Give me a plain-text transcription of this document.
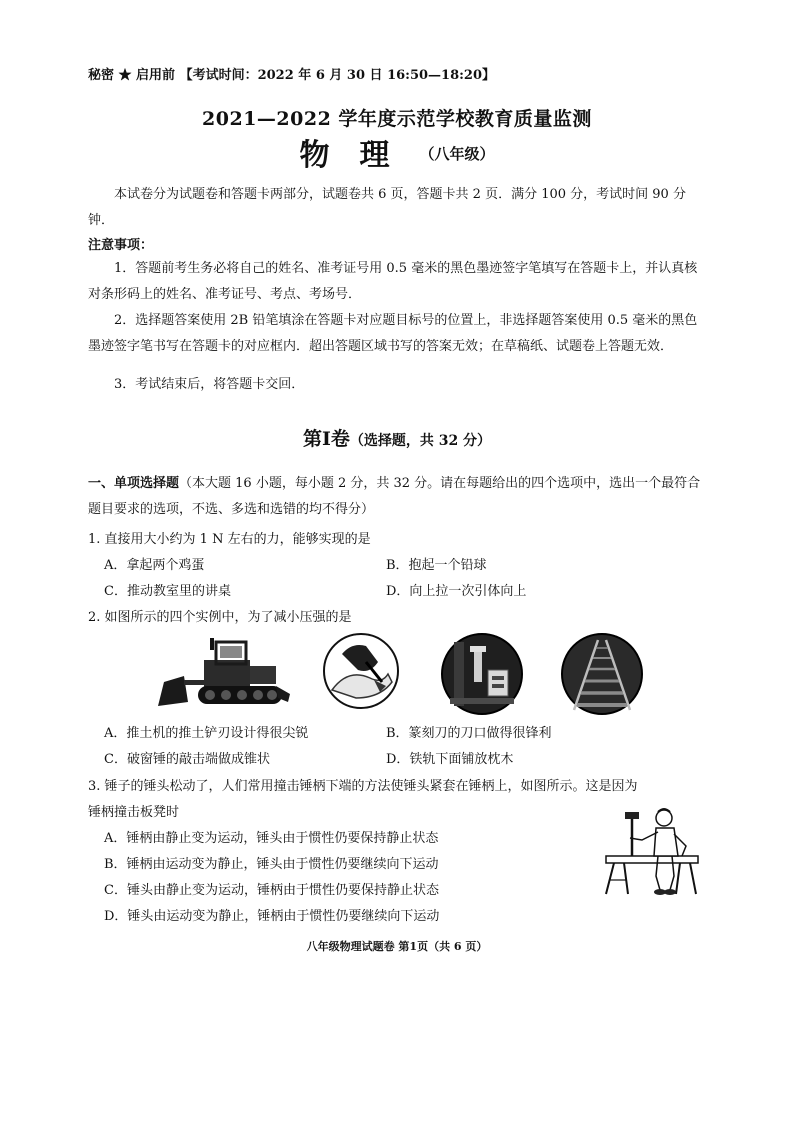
秘密 ★ 启用前 【考试时间：2022 年 6 月 30 日 16:50—18:20】
2021—2022 学年度示范学校教育质量监测
物理（八年级）
本试卷分为试题卷和答题卡两部分，试题卷共 6 页，答题卡共 2 页．满分 100 分，考试时间 90 分钟．
注意事项：
1．答题前考生务必将自己的姓名、准考证号用 0.5 毫米的黑色墨迹签字笔填写在答题卡上，并认真核对条形码上的姓名、准考证号、考点、考场号．
2．选择题答案使用 2B 铅笔填涂在答题卡对应题目标号的位置上，非选择题答案使用 0.5 毫米的黑色墨迹签字笔书写在答题卡的对应框内．超出答题区域书写的答案无效；在草稿纸、试题卷上答题无效．
3．考试结束后，将答题卡交回．
第Ⅰ卷（选择题，共 32 分）
一、单项选择题（本大题 16 小题，每小题 2 分，共 32 分。请在每题给出的四个选项中，选出一个最符合题目要求的选项，不选、多选和选错的均不得分）
1. 直接用大小约为 1 N 左右的力，能够实现的是
A．拿起两个鸡蛋	B．抱起一个铅球
C．推动教室里的讲桌	D．向上拉一次引体向上
2. 如图所示的四个实例中，为了减小压强的是
A．推土机的推土铲刃设计得很尖锐	B．篆刻刀的刀口做得很锋利
C．破窗锤的敲击端做成锥状	D．铁轨下面铺放枕木
3. 锤子的锤头松动了，人们常用撞击锤柄下端的方法使锤头紧套在锤柄上，如图所示。这是因为
锤柄撞击板凳时
A．锤柄由静止变为运动，锤头由于惯性仍要保持静止状态
B．锤柄由运动变为静止，锤头由于惯性仍要继续向下运动
C．锤头由静止变为运动，锤柄由于惯性仍要保持静止状态
D．锤头由运动变为静止，锤柄由于惯性仍要继续向下运动
八年级物理试题卷 第1页（共 6 页）
